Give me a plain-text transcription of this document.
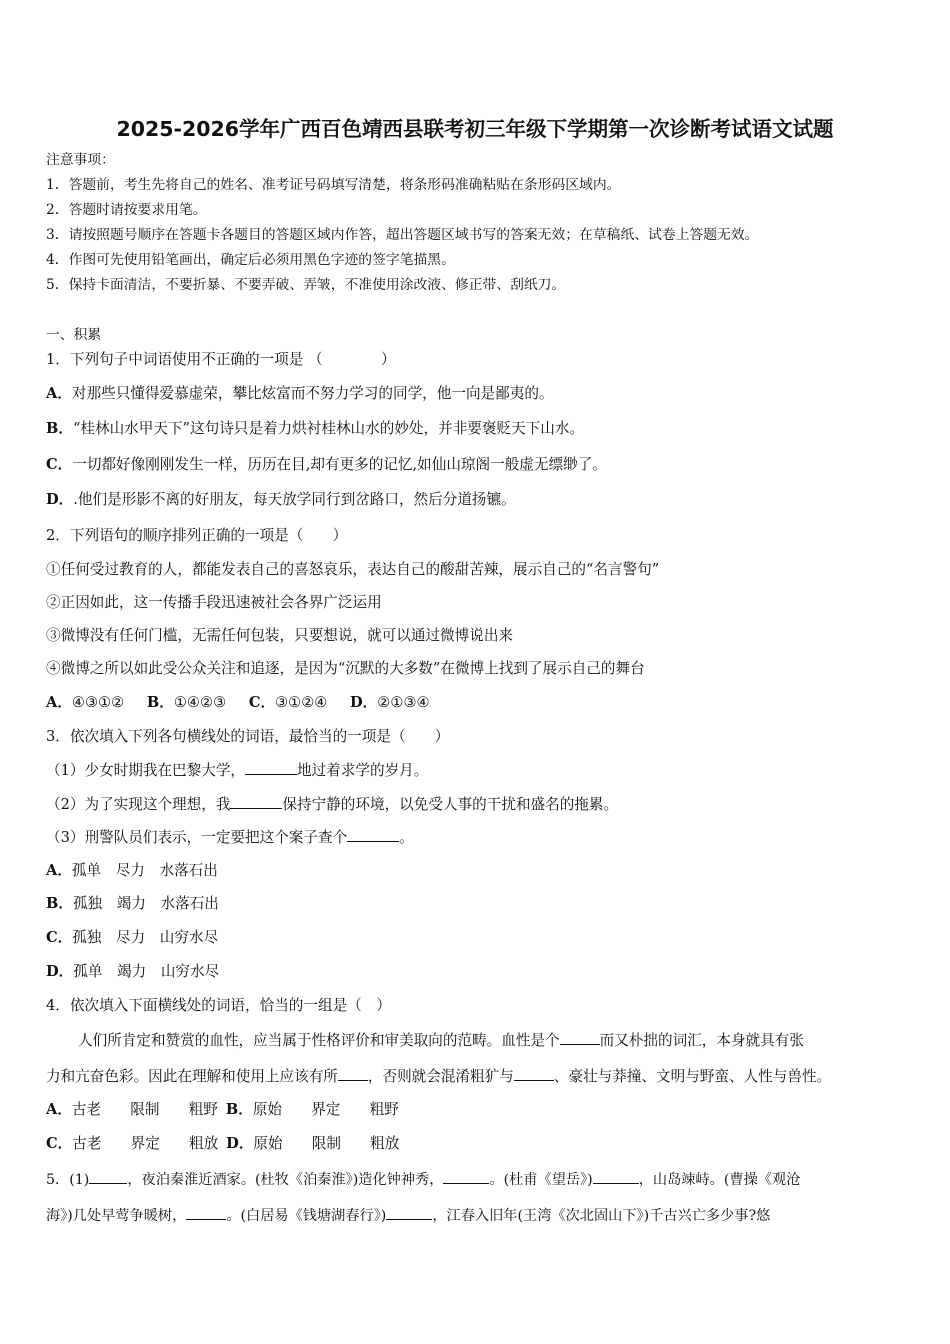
2025-2026学年广西百色靖西县联考初三年级下学期第一次诊断考试语文试题
注意事项：
1．答题前，考生先将自己的姓名、准考证号码填写清楚，将条形码准确粘贴在条形码区域内。
2．答题时请按要求用笔。
3．请按照题号顺序在答题卡各题目的答题区域内作答，超出答题区域书写的答案无效；在草稿纸、试卷上答题无效。
4．作图可先使用铅笔画出，确定后必须用黑色字迹的签字笔描黑。
5．保持卡面清洁，不要折暴、不要弄破、弄皱，不准使用涂改液、修正带、刮纸刀。
一、积累
1．下列句子中词语使用不正确的一项是 （　　　　）
A．对那些只懂得爱慕虚荣，攀比炫富而不努力学习的同学，他一向是鄙夷的。
B．“桂林山水甲天下”这句诗只是着力烘衬桂林山水的妙处，并非要褒贬天下山水。
C．一切都好像刚刚发生一样，历历在目,却有更多的记忆,如仙山琼阁一般虚无缥缈了。
D．.他们是形影不离的好朋友，每天放学同行到岔路口，然后分道扬镳。
2．下列语句的顺序排列正确的一项是（　　）
①任何受过教育的人，都能发表自己的喜怒哀乐，表达自己的酸甜苦辣，展示自己的“名言警句”
②正因如此，这一传播手段迅速被社会各界广泛运用
③微博没有任何门槛，无需任何包装，只要想说，就可以通过微博说出来
④微博之所以如此受公众关注和追逐，是因为“沉默的大多数”在微博上找到了展示自己的舞台
A．④③①② B．①④②③ C．③①②④ D．②①③④
3．依次填入下列各句横线处的词语，最恰当的一项是（　　）
（1）少女时期我在巴黎大学，	地过着求学的岁月。
（2）为了实现这个理想，我	保持宁静的环境，以免受人事的干扰和盛名的拖累。
（3）刑警队员们表示，一定要把这个案子查个	。
A．孤单　尽力　水落石出
B．孤独　竭力　水落石出
C．孤独　尽力　山穷水尽
D．孤单　竭力　山穷水尽
4．依次填入下面横线处的词语，恰当的一组是（　）
人们所肯定和赞赏的血性，应当属于性格评价和审美取向的范畴。血性是个	而又朴拙的词汇，本身就具有张
力和亢奋色彩。因此在理解和使用上应该有所 ，否则就会混淆粗犷与	、豪壮与莽撞、文明与野蛮、人性与兽性。
A．古老　　限制　　粗野 B．原始　　界定　　粗野
C．古老　　界定　　粗放 D．原始　　限制　　粗放
5．(1)	，夜泊秦淮近酒家。(杜牧《泊秦淮》)造化钟神秀，	。(杜甫《望岳》)	，山岛竦峙。(曹操《观沧
海》)几处早莺争暖树，	。(白居易《钱塘湖春行》)	，江春入旧年(王湾《次北固山下》)千古兴亡多少事?悠
